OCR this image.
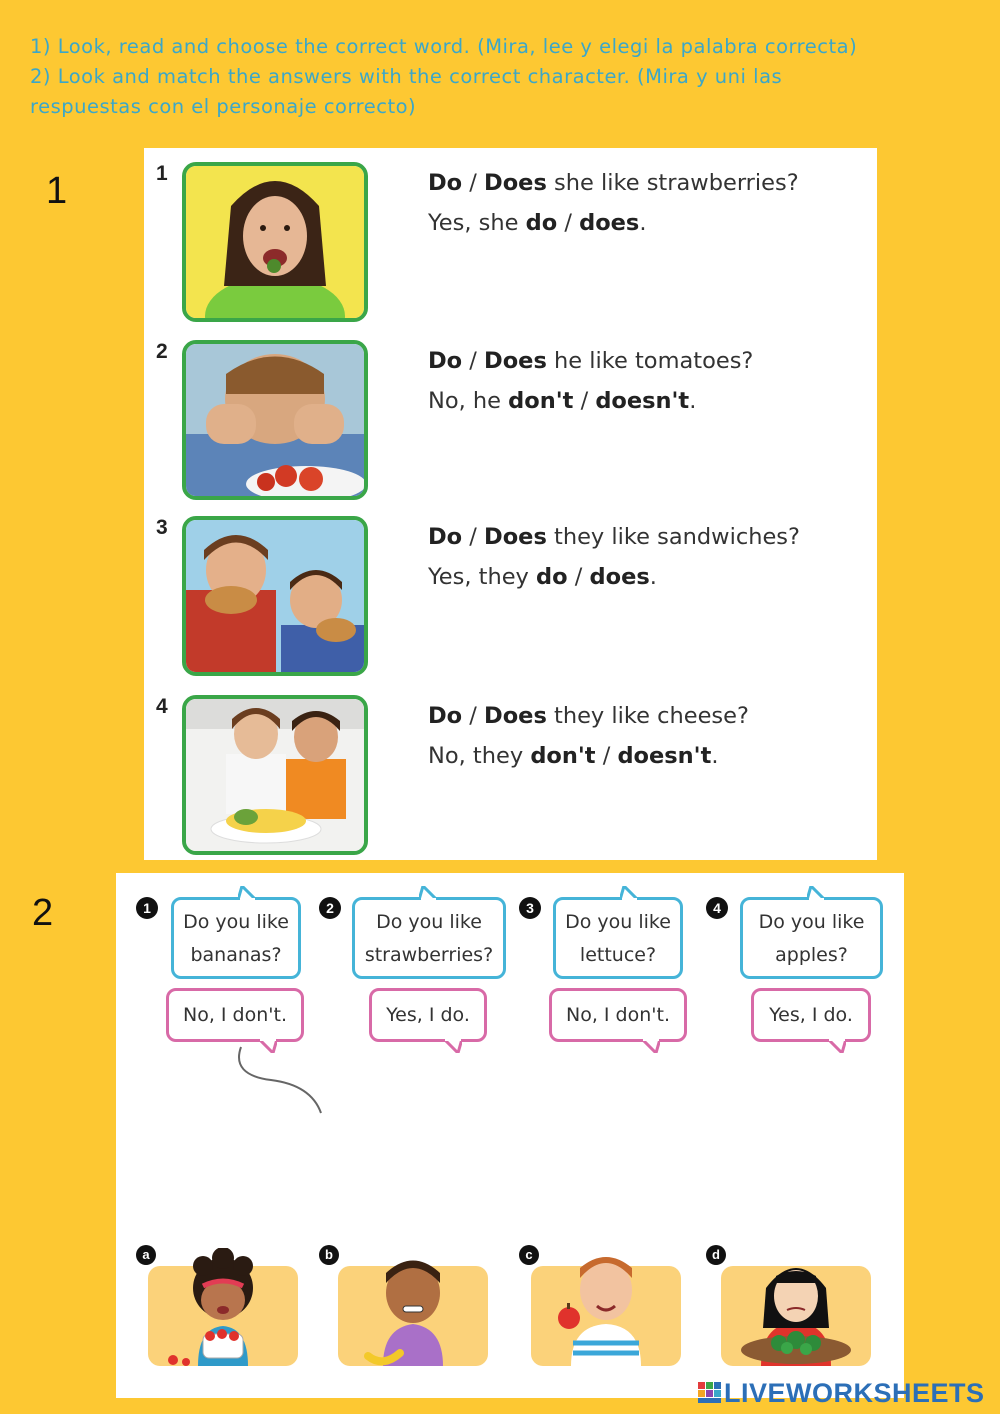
1) Look, read and choose the correct word. (Mira, lee y elegi la palabra correcta)
2) Look and match the answers with the correct character. (Mira y uni las
respuestas con el personaje correcto)
1	1	Do / Does she like strawberries?
Yes, she do / does.
2	Do / Does he like tomatoes?
No, he don't / doesn't.
3	Do / Does they like sandwiches?
Yes, they do / does.
4	Do / Does they like cheese?
No, they don't / doesn't.
2	1	2	3	4
Do you like
bananas?
Do you like
strawberries?
Do you like
lettuce?
Do you like
apples?
No, I don't.	Yes, I do.	No, I don't.	Yes, I do.
a	b	c	d
LIVEWORKSHEETS
